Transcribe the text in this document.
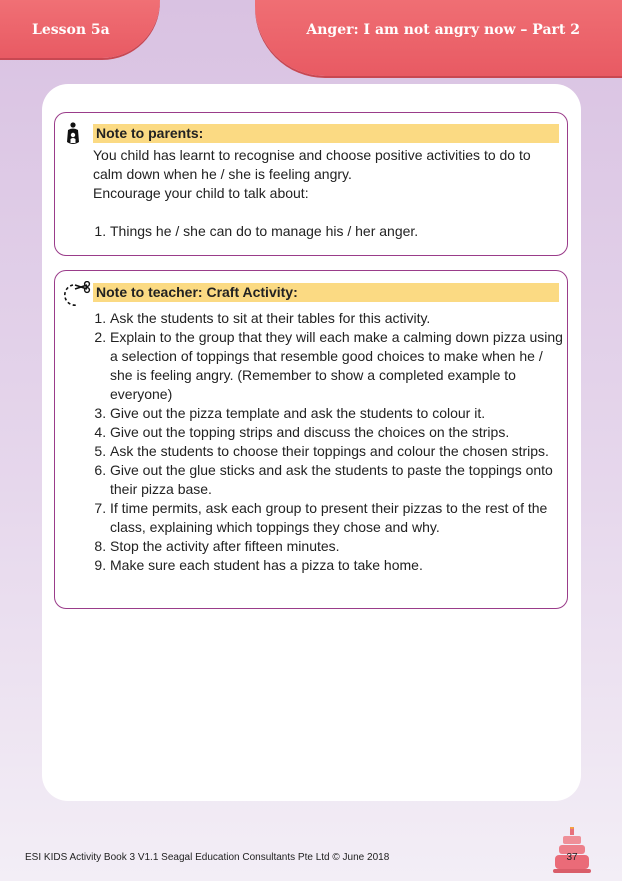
Lesson 5a	Anger: I am not angry now – Part 2
Note to parents:

You child has learnt to recognise and choose positive activities to do to calm down when he / she is feeling angry.

Encourage your child to talk about:

1. Things he / she can do to manage his / her anger.
Note to teacher: Craft Activity:
1. Ask the students to sit at their tables for this activity.
2. Explain to the group that they will each make a calming down pizza using a selection of toppings that resemble good choices to make when he / she is feeling angry. (Remember to show a completed example to everyone)
3. Give out the pizza template and ask the students to colour it.
4. Give out the topping strips and discuss the choices on the strips.
5. Ask the students to choose their toppings and colour the chosen strips.
6. Give out the glue sticks and ask the students to paste the toppings onto their pizza base.
7. If time permits, ask each group to present their pizzas to the rest of the class, explaining which toppings they chose and why.
8. Stop the activity after fifteen minutes.
9. Make sure each student has a pizza to take home.
ESI KIDS Activity Book 3 V1.1 Seagal Education Consultants Pte Ltd © June 2018	37
